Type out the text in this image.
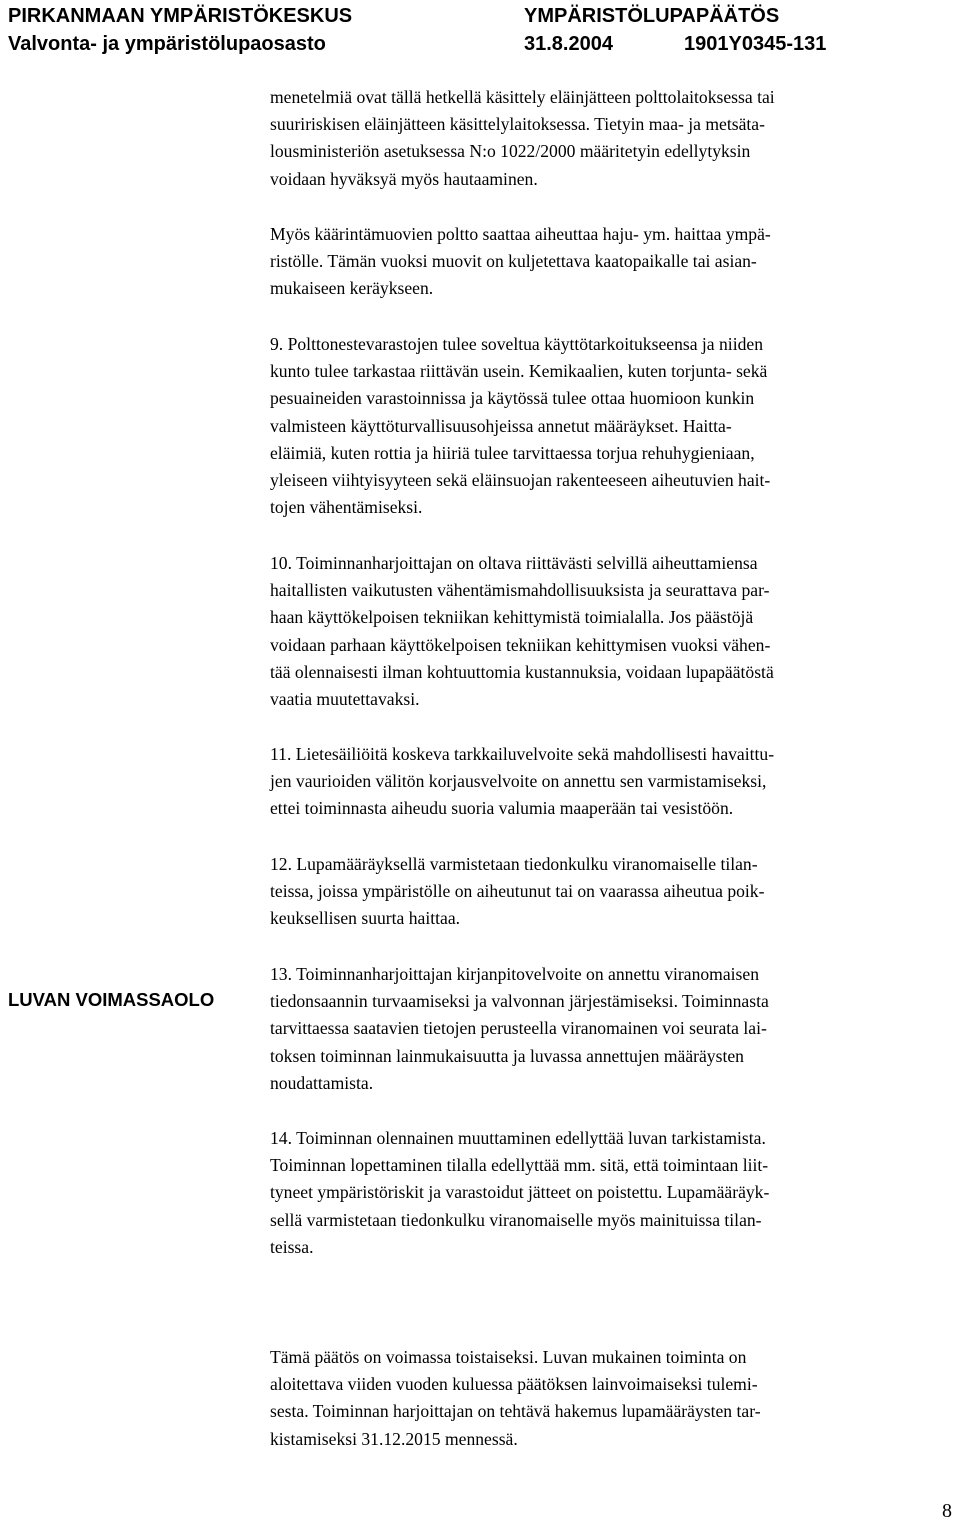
PIRKANMAAN YMPÄRISTÖKESKUS	YMPÄRISTÖLUPAPÄÄTÖS

Valvonta- ja ympäristölupaosasto	31.8.2004	1901Y0345-131

menetelmiä ovat tällä hetkellä käsittely eläinjätteen polttolaitoksessa tai
suuririskisen eläinjätteen käsittelylaitoksessa. Tietyin maa- ja metsäta-
lousministeriön asetuksessa N:o 1022/2000 määritetyin edellytyksin
voidaan hyväksyä myös hautaaminen.

Myös käärintämuovien poltto saattaa aiheuttaa haju- ym. haittaa ympä-
ristölle. Tämän vuoksi muovit on kuljetettava kaatopaikalle tai asian-
mukaiseen keräykseen.

9. Polttonestevarastojen tulee soveltua käyttötarkoitukseensa ja niiden
kunto tulee tarkastaa riittävän usein. Kemikaalien, kuten torjunta- sekä
pesuaineiden varastoinnissa ja käytössä tulee ottaa huomioon kunkin
valmisteen käyttöturvallisuusohjeissa annetut määräykset. Haitta-
eläimiä, kuten rottia ja hiiriä tulee tarvittaessa torjua rehuhygieniaan,
yleiseen viihtyisyyteen sekä eläinsuojan rakenteeseen aiheutuvien hait-
tojen vähentämiseksi.

10. Toiminnanharjoittajan on oltava riittävästi selvillä aiheuttamiensa
haitallisten vaikutusten vähentämismahdollisuuksista ja seurattava par-
haan käyttökelpoisen tekniikan kehittymistä toimialalla. Jos päästöjä
voidaan parhaan käyttökelpoisen tekniikan kehittymisen vuoksi vähen-
tää olennaisesti ilman kohtuuttomia kustannuksia, voidaan lupapäätöstä
vaatia muutettavaksi.

11. Lietesäiliöitä koskeva tarkkailuvelvoite sekä mahdollisesti havaittu-
jen vaurioiden välitön korjausvelvoite on annettu sen varmistamiseksi,
ettei toiminnasta aiheudu suoria valumia maaperään tai vesistöön.

12. Lupamääräyksellä varmistetaan tiedonkulku viranomaiselle tilan-
teissa, joissa ympäristölle on aiheutunut tai on vaarassa aiheutua poik-
keuksellisen suurta haittaa.

13. Toiminnanharjoittajan kirjanpitovelvoite on annettu viranomaisen
tiedonsaannin turvaamiseksi ja valvonnan järjestämiseksi. Toiminnasta
tarvittaessa saatavien tietojen perusteella viranomainen voi seurata lai-
toksen toiminnan lainmukaisuutta ja luvassa annettujen määräysten
noudattamista.

14. Toiminnan olennainen muuttaminen edellyttää luvan tarkistamista.
Toiminnan lopettaminen tilalla edellyttää mm. sitä, että toimintaan liit-
tyneet ympäristöriskit ja varastoidut jätteet on poistettu. Lupamääräyk-
sellä varmistetaan tiedonkulku viranomaiselle myös mainituissa tilan-
teissa.

Tämä päätös on voimassa toistaiseksi. Luvan mukainen toiminta on
aloitettava viiden vuoden kuluessa päätöksen lainvoimaiseksi tulemi-
sesta. Toiminnan harjoittajan on tehtävä hakemus lupamääräysten tar-
kistamiseksi 31.12.2015 mennessä.

LUVAN VOIMASSAOLO

8
